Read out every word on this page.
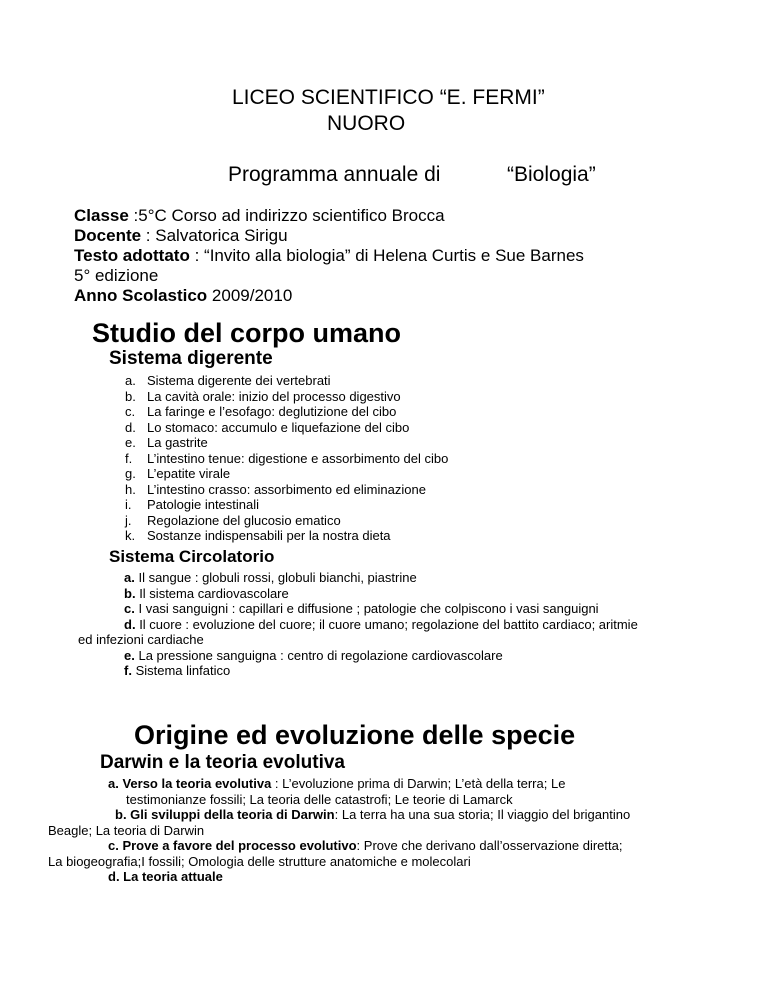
LICEO SCIENTIFICO “E. FERMI”
NUORO
Programma annuale di	“Biologia”
Classe :5°C Corso ad indirizzo scientifico Brocca
Docente : Salvatorica Sirigu
Testo adottato : “Invito alla biologia” di Helena Curtis e Sue Barnes
5° edizione
Anno Scolastico 2009/2010
Studio del corpo umano
Sistema digerente
a. Sistema digerente dei vertebrati
b. La cavità orale: inizio del processo digestivo
c. La faringe e l’esofago: deglutizione del cibo
d. Lo stomaco: accumulo e liquefazione del cibo
e. La gastrite
f. L’intestino tenue: digestione e assorbimento del cibo
g. L’epatite virale
h. L’intestino crasso: assorbimento ed eliminazione
i. Patologie intestinali
j. Regolazione del glucosio ematico
k. Sostanze indispensabili per la nostra dieta
Sistema Circolatorio
a. Il sangue : globuli rossi, globuli bianchi, piastrine
b. Il sistema cardiovascolare
c. I vasi sanguigni : capillari e diffusione ; patologie che colpiscono i vasi sanguigni
d. Il cuore : evoluzione del cuore; il cuore umano; regolazione del battito cardiaco; aritmie
ed infezioni cardiache
e. La pressione sanguigna : centro di regolazione cardiovascolare
f. Sistema linfatico
Origine ed evoluzione delle specie
Darwin e la teoria evolutiva
a. Verso la teoria evolutiva : L’evoluzione prima di Darwin; L’età della terra; Le
testimonianze fossili; La teoria delle catastrofi; Le teorie di Lamarck
b. Gli sviluppi della teoria di Darwin: La terra ha una sua storia; Il viaggio del brigantino
Beagle; La teoria di Darwin
c. Prove a favore del processo evolutivo: Prove che derivano dall’osservazione diretta;
La biogeografia;I fossili; Omologia delle strutture anatomiche e molecolari
d. La teoria attuale
